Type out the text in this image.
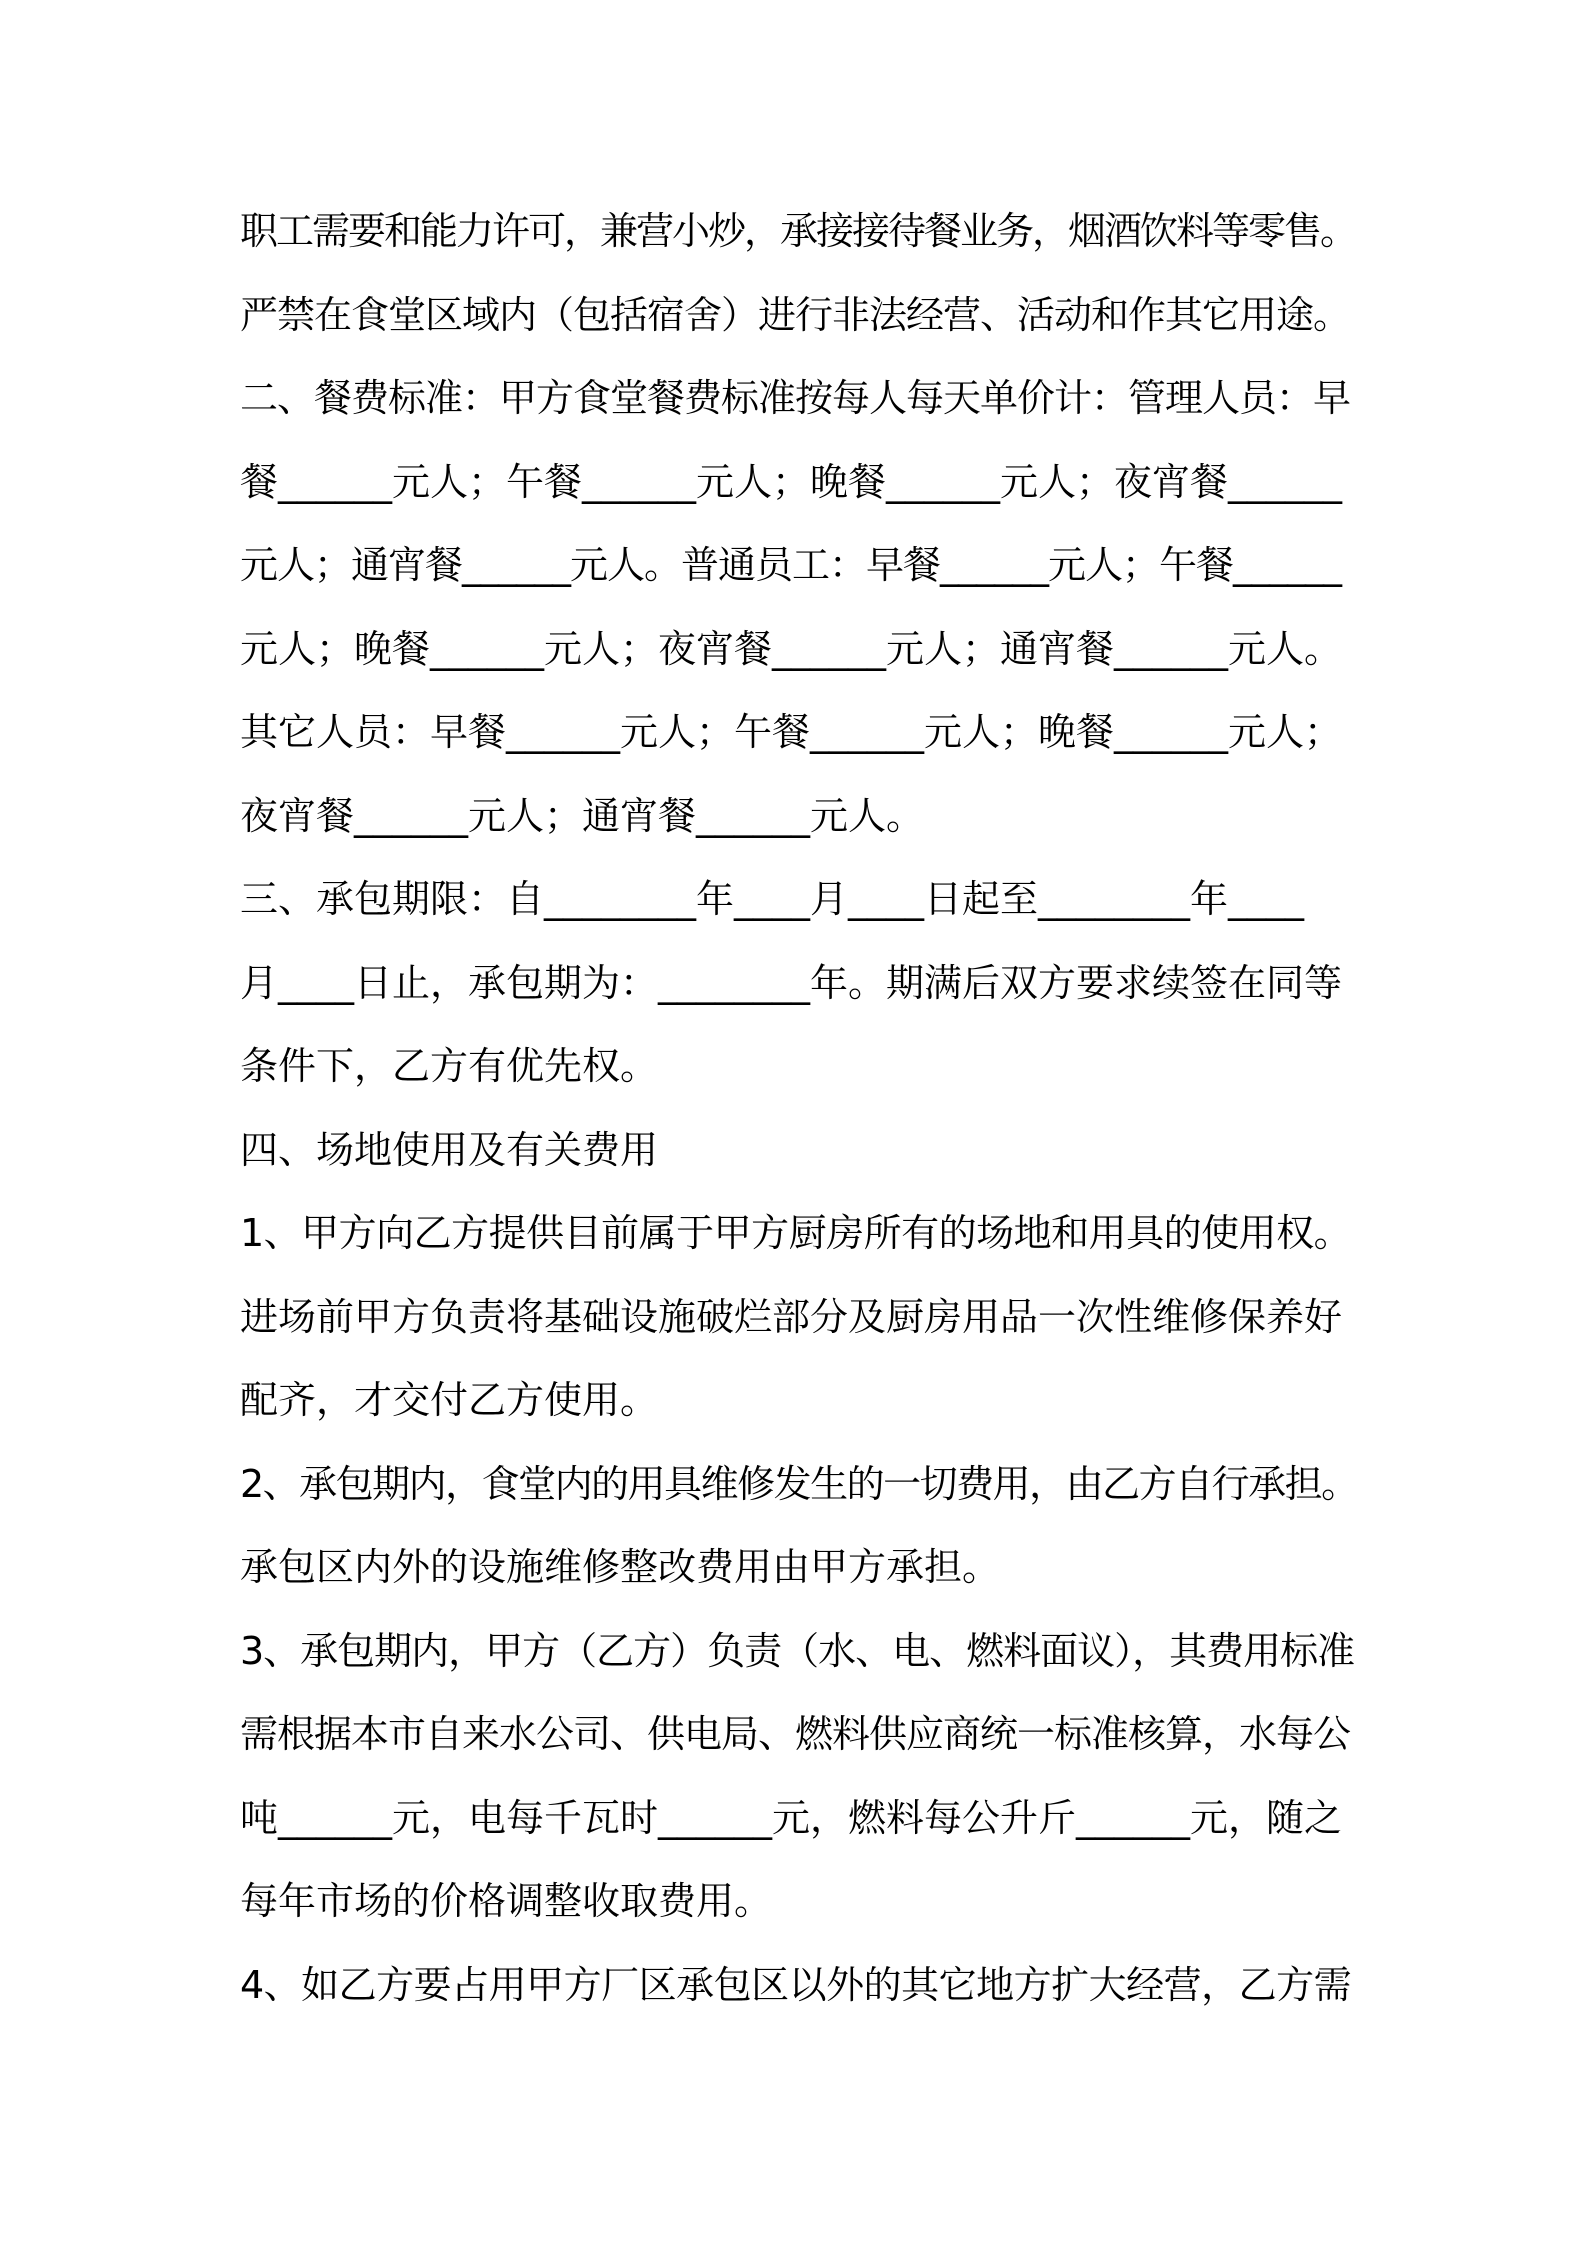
职工需要和能力许可，兼营小炒，承接接待餐业务，烟酒饮料等零售。
严禁在食堂区域内（包括宿舍）进行非法经营、活动和作其它用途。
二、餐费标准：甲方食堂餐费标准按每人每天单价计：管理人员：早
餐______元人；午餐______元人；晚餐______元人；夜宵餐______
元人；通宵餐______元人。普通员工：早餐______元人；午餐______
元人；晚餐______元人；夜宵餐______元人；通宵餐______元人。
其它人员：早餐______元人；午餐______元人；晚餐______元人；
夜宵餐______元人；通宵餐______元人。
三、承包期限：自________年____月____日起至________年____
月____日止，承包期为：________年。期满后双方要求续签在同等
条件下，乙方有优先权。
四、场地使用及有关费用
1、甲方向乙方提供目前属于甲方厨房所有的场地和用具的使用权。
进场前甲方负责将基础设施破烂部分及厨房用品一次性维修保养好
配齐，才交付乙方使用。
2、承包期内，食堂内的用具维修发生的一切费用，由乙方自行承担。
承包区内外的设施维修整改费用由甲方承担。
3、承包期内，甲方（乙方）负责（水、电、燃料面议），其费用标准
需根据本市自来水公司、供电局、燃料供应商统一标准核算，水每公
吨______元，电每千瓦时______元，燃料每公升斤______元，随之
每年市场的价格调整收取费用。
4、如乙方要占用甲方厂区承包区以外的其它地方扩大经营，乙方需
